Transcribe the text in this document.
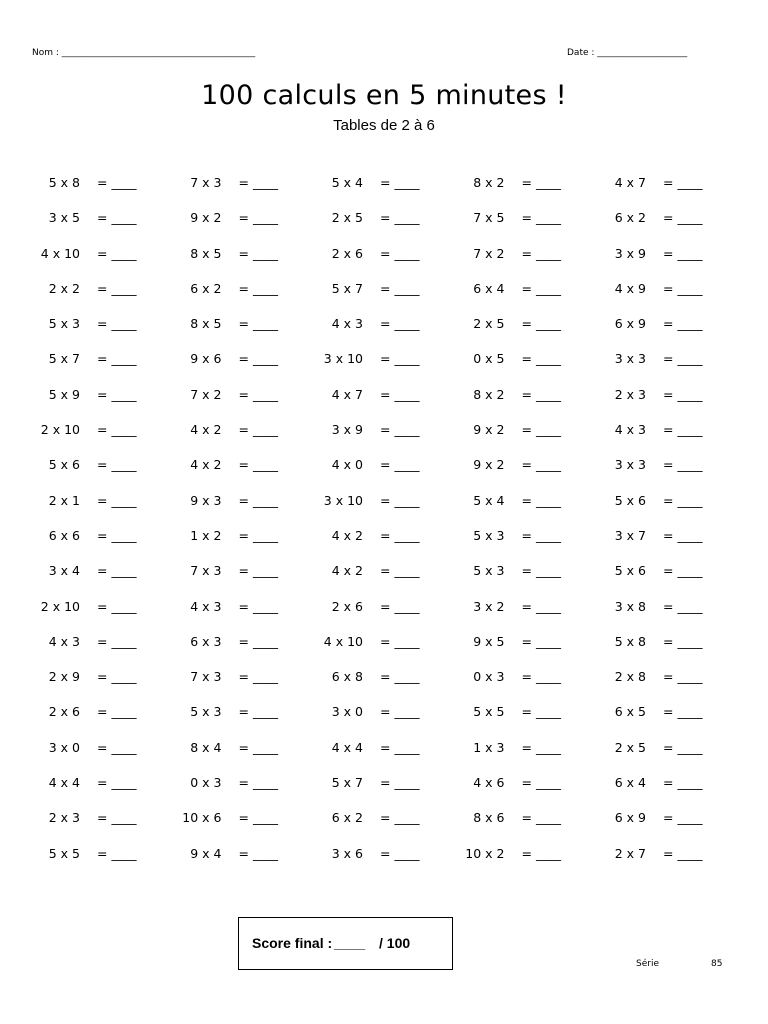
Nom : ___________________________________________	Date : ____________________
100 calculs en 5 minutes !
Tables de 2 à 6
5 x 8 = ____	7 x 3 = ____	5 x 4 = ____	8 x 2 = ____	4 x 7 = ____
3 x 5 = ____	9 x 2 = ____	2 x 5 = ____	7 x 5 = ____	6 x 2 = ____
4 x 10 = ____	8 x 5 = ____	2 x 6 = ____	7 x 2 = ____	3 x 9 = ____
2 x 2 = ____	6 x 2 = ____	5 x 7 = ____	6 x 4 = ____	4 x 9 = ____
5 x 3 = ____	8 x 5 = ____	4 x 3 = ____	2 x 5 = ____	6 x 9 = ____
5 x 7 = ____	9 x 6 = ____	3 x 10 = ____	0 x 5 = ____	3 x 3 = ____
5 x 9 = ____	7 x 2 = ____	4 x 7 = ____	8 x 2 = ____	2 x 3 = ____
2 x 10 = ____	4 x 2 = ____	3 x 9 = ____	9 x 2 = ____	4 x 3 = ____
5 x 6 = ____	4 x 2 = ____	4 x 0 = ____	9 x 2 = ____	3 x 3 = ____
2 x 1 = ____	9 x 3 = ____	3 x 10 = ____	5 x 4 = ____	5 x 6 = ____
6 x 6 = ____	1 x 2 = ____	4 x 2 = ____	5 x 3 = ____	3 x 7 = ____
3 x 4 = ____	7 x 3 = ____	4 x 2 = ____	5 x 3 = ____	5 x 6 = ____
2 x 10 = ____	4 x 3 = ____	2 x 6 = ____	3 x 2 = ____	3 x 8 = ____
4 x 3 = ____	6 x 3 = ____	4 x 10 = ____	9 x 5 = ____	5 x 8 = ____
2 x 9 = ____	7 x 3 = ____	6 x 8 = ____	0 x 3 = ____	2 x 8 = ____
2 x 6 = ____	5 x 3 = ____	3 x 0 = ____	5 x 5 = ____	6 x 5 = ____
3 x 0 = ____	8 x 4 = ____	4 x 4 = ____	1 x 3 = ____	2 x 5 = ____
4 x 4 = ____	0 x 3 = ____	5 x 7 = ____	4 x 6 = ____	6 x 4 = ____
2 x 3 = ____	10 x 6 = ____	6 x 2 = ____	8 x 6 = ____	6 x 9 = ____
5 x 5 = ____	9 x 4 = ____	3 x 6 = ____	10 x 2 = ____	2 x 7 = ____
Score final : ____ / 100
Série	85
